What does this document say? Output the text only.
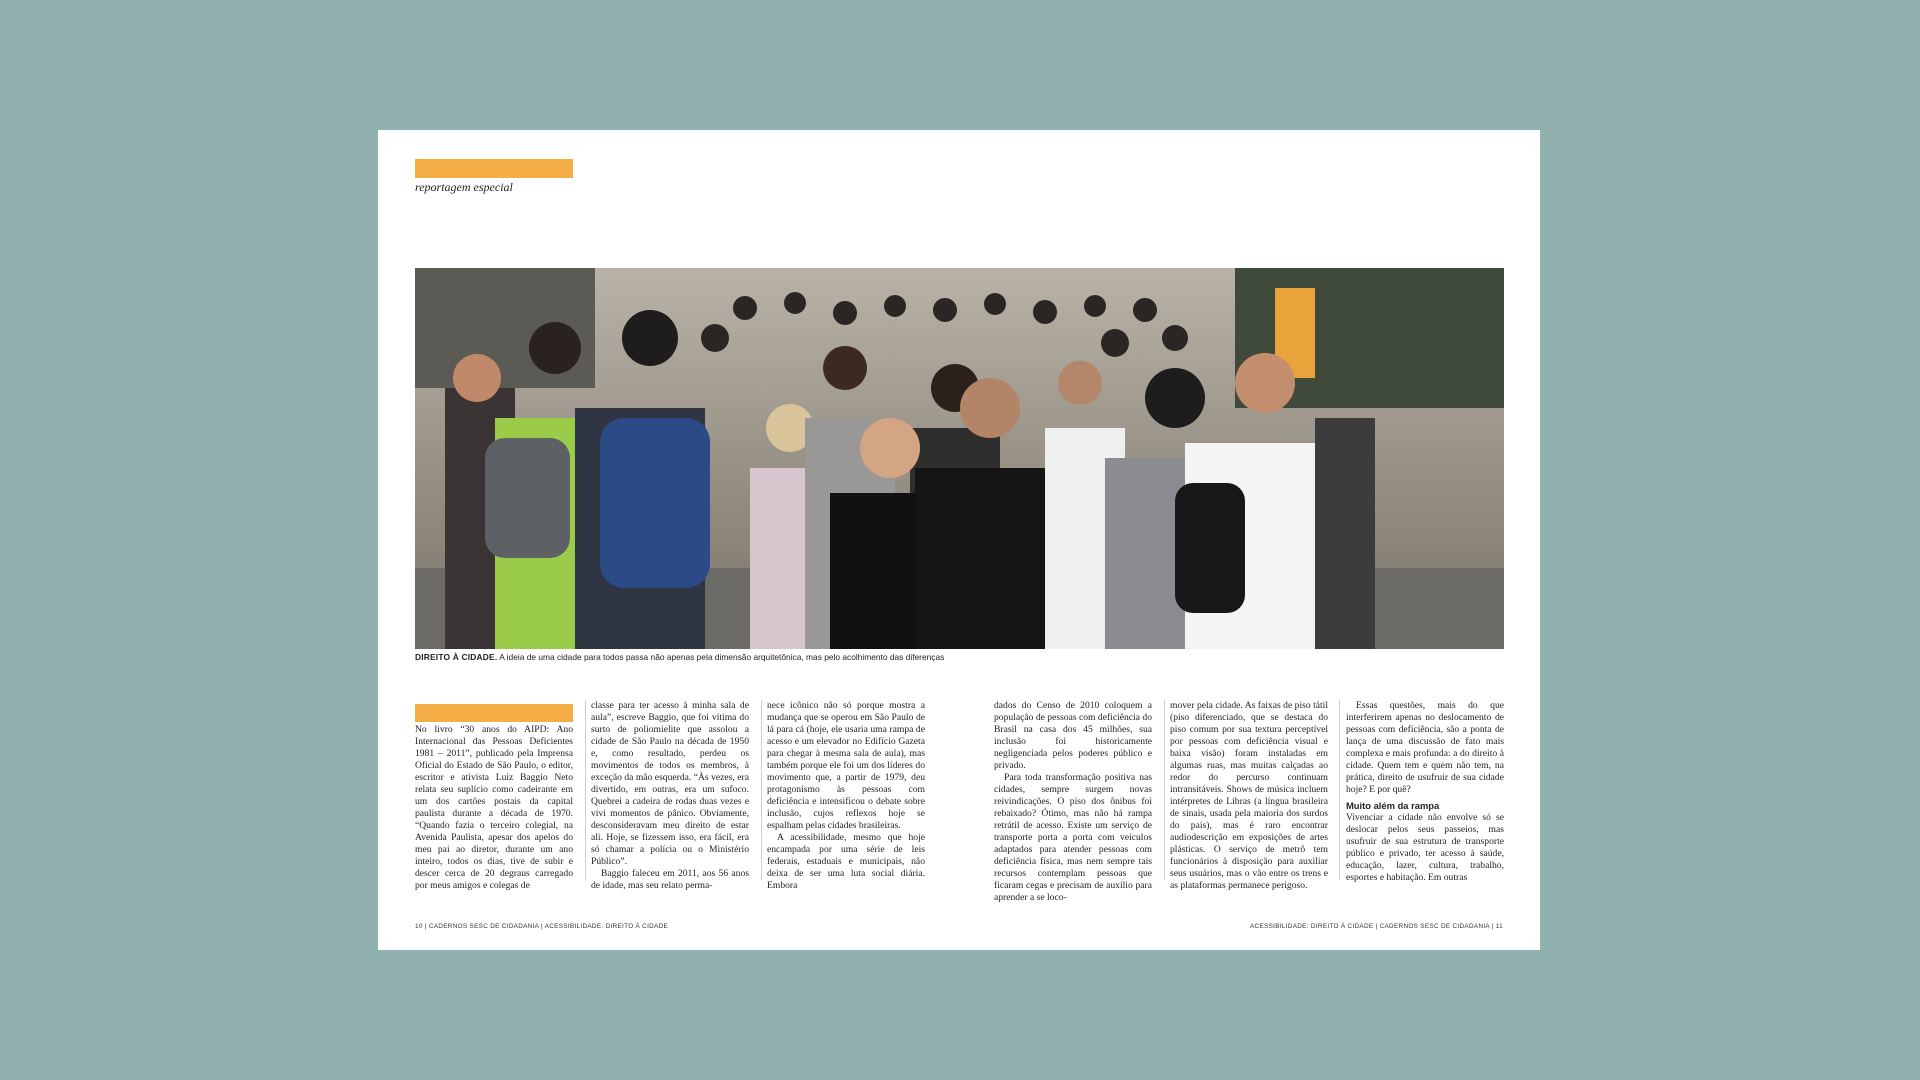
reportagem especial
DIREITO À CIDADE. A ideia de uma cidade para todos passa não apenas pela dimensão arquitetônica, mas pelo acolhimento das diferenças

No livro “30 anos do AIPD: Ano Internacional das Pessoas Deficientes 1981 – 2011”, publicado pela Imprensa Oficial do Estado de São Paulo, o editor, escritor e ativista Luiz Baggio Neto relata seu suplício como cadeirante em um dos cartões postais da capital paulista durante a década de 1970. “Quando fazia o terceiro colegial, na Avenida Paulista, apesar dos apelos do meu pai ao diretor, durante um ano inteiro, todos os dias, tive de subir e descer cerca de 20 degraus carregado por meus amigos e colegas de

classe para ter acesso à minha sala de aula”, escreve Baggio, que foi vítima do surto de poliomielite que assolou a cidade de São Paulo na década de 1950 e, como resultado, perdeu os movimentos de todos os membros, à exceção da mão esquerda. “Às vezes, era divertido, em outras, era um sufoco. Quebrei a cadeira de rodas duas vezes e vivi momentos de pânico. Obviamente, desconsideravam meu direito de estar ali. Hoje, se fizessem isso, era fácil, era só chamar a polícia ou o Ministério Público”.

Baggio faleceu em 2011, aos 56 anos de idade, mas seu relato perma-

nece icônico não só porque mostra a mudança que se operou em São Paulo de lá para cá (hoje, ele usaria uma rampa de acesso e um elevador no Edifício Gazeta para chegar à mesma sala de aula), mas também porque ele foi um dos líderes do movimento que, a partir de 1979, deu protagonismo às pessoas com deficiência e intensificou o debate sobre inclusão, cujos reflexos hoje se espalham pelas cidades brasileiras.

A acessibilidade, mesmo que hoje encampada por uma série de leis federais, estaduais e municipais, não deixa de ser uma luta social diária. Embora

dados do Censo de 2010 coloquem a população de pessoas com deficiência do Brasil na casa dos 45 milhões, sua inclusão foi historicamente negligenciada pelos poderes público e privado.

Para toda transformação positiva nas cidades, sempre surgem novas reivindicações. O piso dos ônibus foi rebaixado? Ótimo, mas não há rampa retrátil de acesso. Existe um serviço de transporte porta a porta com veículos adaptados para atender pessoas com deficiência física, mas nem sempre tais recursos contemplam pessoas que ficaram cegas e precisam de auxílio para aprender a se loco-

mover pela cidade. As faixas de piso tátil (piso diferenciado, que se destaca do piso comum por sua textura perceptível por pessoas com deficiência visual e baixa visão) foram instaladas em algumas ruas, mas muitas calçadas ao redor do percurso continuam intransitáveis. Shows de música incluem intérpretes de Libras (a língua brasileira de sinais, usada pela maioria dos surdos do país), mas é raro encontrar audiodescrição em exposições de artes plásticas. O serviço de metrô tem funcionários à disposição para auxiliar seus usuários, mas o vão entre os trens e as plataformas permanece perigoso.

Essas questões, mais do que interferirem apenas no deslocamento de pessoas com deficiência, são a ponta de lança de uma discussão de fato mais complexa e mais profunda: a do direito à cidade. Quem tem e quem não tem, na prática, direito de usufruir de sua cidade hoje? E por quê?

Muito além da rampa

Vivenciar a cidade não envolve só se deslocar pelos seus passeios, mas usufruir de sua estrutura de transporte público e privado, ter acesso à saúde, educação, lazer, cultura, trabalho, esportes e habitação. Em outras

10 | CADERNOS SESC DE CIDADANIA | ACESSIBILIDADE: DIREITO À CIDADE	ACESSIBILIDADE: DIREITO À CIDADE | CADERNOS SESC DE CIDADANIA | 11
